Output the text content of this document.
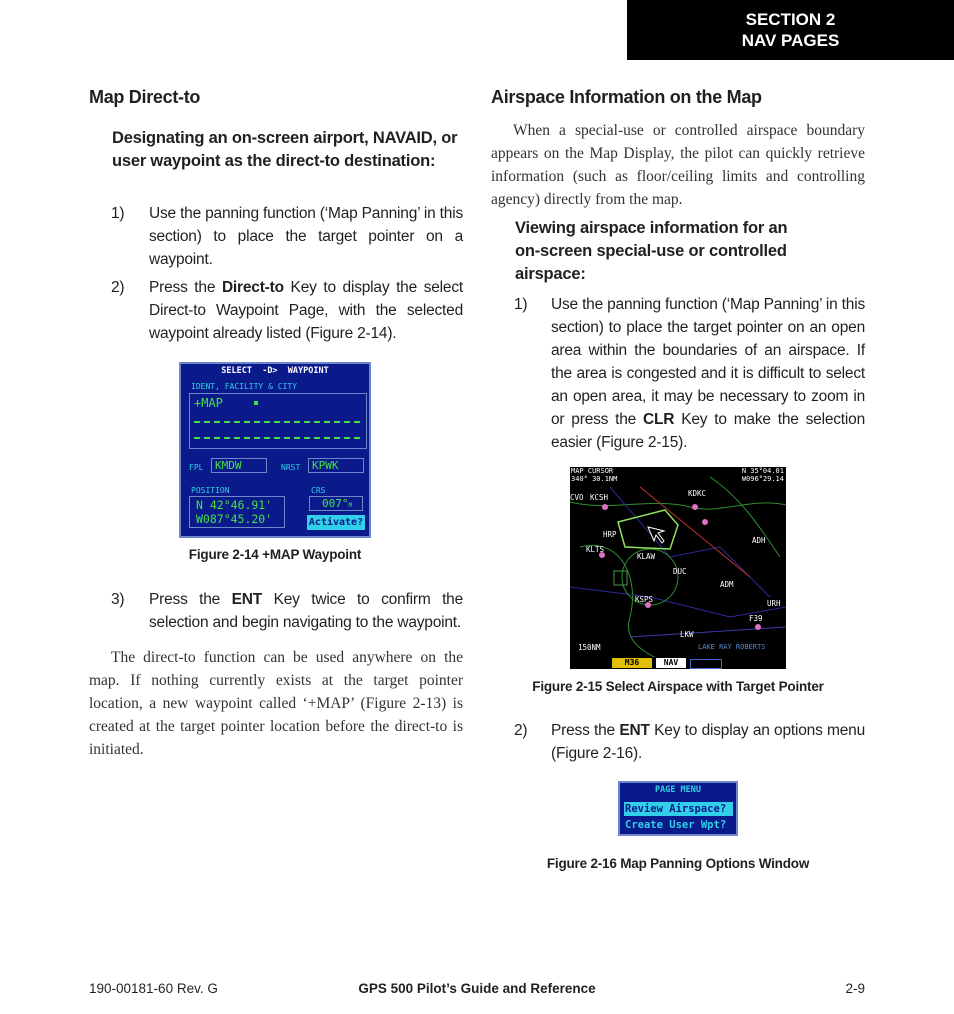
SECTION 2
NAV PAGES
Map Direct-to
Designating an on-screen airport, NAVAID, or user waypoint as the direct-to destination:
1) Use the panning function (‘Map Panning’ in this section) to place the target pointer on a waypoint.
2) Press the Direct-to Key to display the select Direct-to Waypoint Page, with the selected waypoint already listed (Figure 2-14).
SELECT  -D>  WAYPOINT
IDENT, FACILITY & CITY
+MAP
FPL	KMDW	NRST	KPWK
POSITION
N 42°46.91'
W087°45.20'
CRS
007°M
Activate?
Figure 2-14 +MAP Waypoint
3) Press the ENT Key twice to confirm the selection and begin navigating to the waypoint.
The direct-to function can be used anywhere on the map. If nothing currently exists at the target pointer location, a new waypoint called ‘+MAP’ (Figure 2-13) is created at the target pointer location before the direct-to is initiated.
Airspace Information on the Map
When a special-use or controlled airspace boundary appears on the Map Display, the pilot can quickly retrieve information (such as floor/ceiling limits and controlling agency) directly from the map.
Viewing airspace information for an on-screen special-use or controlled airspace:
1) Use the panning function (‘Map Panning’ in this section) to place the target pointer on an open area within the boundaries of an airspace. If the area is congested and it is difficult to select an open area, it may be necessary to zoom in or press the CLR Key to make the selection easier (Figure 2-15).
MAP CURSOR
340° 30.1NM
N 35°04.01
W096°29.14
CVO KCSH	KDKC
HRP
KLTS
KLAW
DUC
ADM
ADH
KSPS	URH
F39
LKW
LAKE RAY ROBERTS
150NM
M36	NAV
Figure 2-15 Select Airspace with Target Pointer
2) Press the ENT Key to display an options menu (Figure 2-16).
PAGE MENU
Review Airspace?
Create User Wpt?
Figure 2-16 Map Panning Options Window
190-00181-60 Rev. G	GPS 500 Pilot’s Guide and Reference	2-9
